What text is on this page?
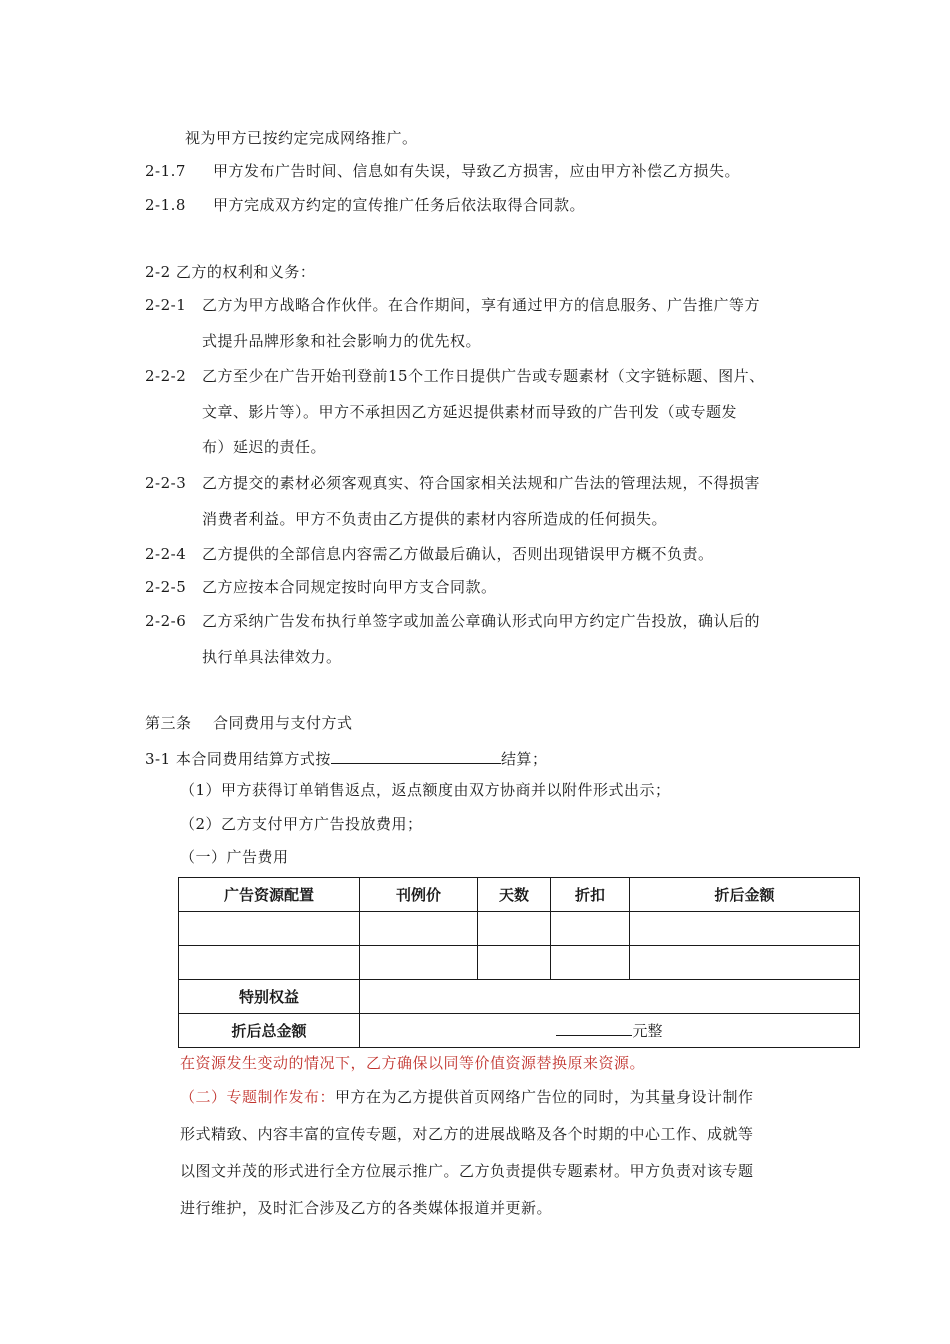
视为甲方已按约定完成网络推广。
2-1.7 甲方发布广告时间、信息如有失误，导致乙方损害，应由甲方补偿乙方损失。
2-1.8 甲方完成双方约定的宣传推广任务后依法取得合同款。
2-2 乙方的权利和义务：
2-2-1 乙方为甲方战略合作伙伴。在合作期间，享有通过甲方的信息服务、广告推广等方
式提升品牌形象和社会影响力的优先权。
2-2-2 乙方至少在广告开始刊登前15个工作日提供广告或专题素材（文字链标题、图片、
文章、影片等）。甲方不承担因乙方延迟提供素材而导致的广告刊发（或专题发
布）延迟的责任。
2-2-3 乙方提交的素材必须客观真实、符合国家相关法规和广告法的管理法规，不得损害
消费者利益。甲方不负责由乙方提供的素材内容所造成的任何损失。
2-2-4 乙方提供的全部信息内容需乙方做最后确认，否则出现错误甲方概不负责。
2-2-5 乙方应按本合同规定按时向甲方支合同款。
2-2-6 乙方采纳广告发布执行单签字或加盖公章确认形式向甲方约定广告投放，确认后的
执行单具法律效力。
第三条 合同费用与支付方式
3-1 本合同费用结算方式按	结算；
（1）甲方获得订单销售返点，返点额度由双方协商并以附件形式出示；
（2）乙方支付甲方广告投放费用；
（一）广告费用
广告资源配置	刊例价	天数	折扣	折后金额

特别权益				
折后总金额	元整			
在资源发生变动的情况下，乙方确保以同等价值资源替换原来资源。
（二）专题制作发布：甲方在为乙方提供首页网络广告位的同时，为其量身设计制作
形式精致、内容丰富的宣传专题，对乙方的进展战略及各个时期的中心工作、成就等
以图文并茂的形式进行全方位展示推广。乙方负责提供专题素材。甲方负责对该专题
进行维护，及时汇合涉及乙方的各类媒体报道并更新。
